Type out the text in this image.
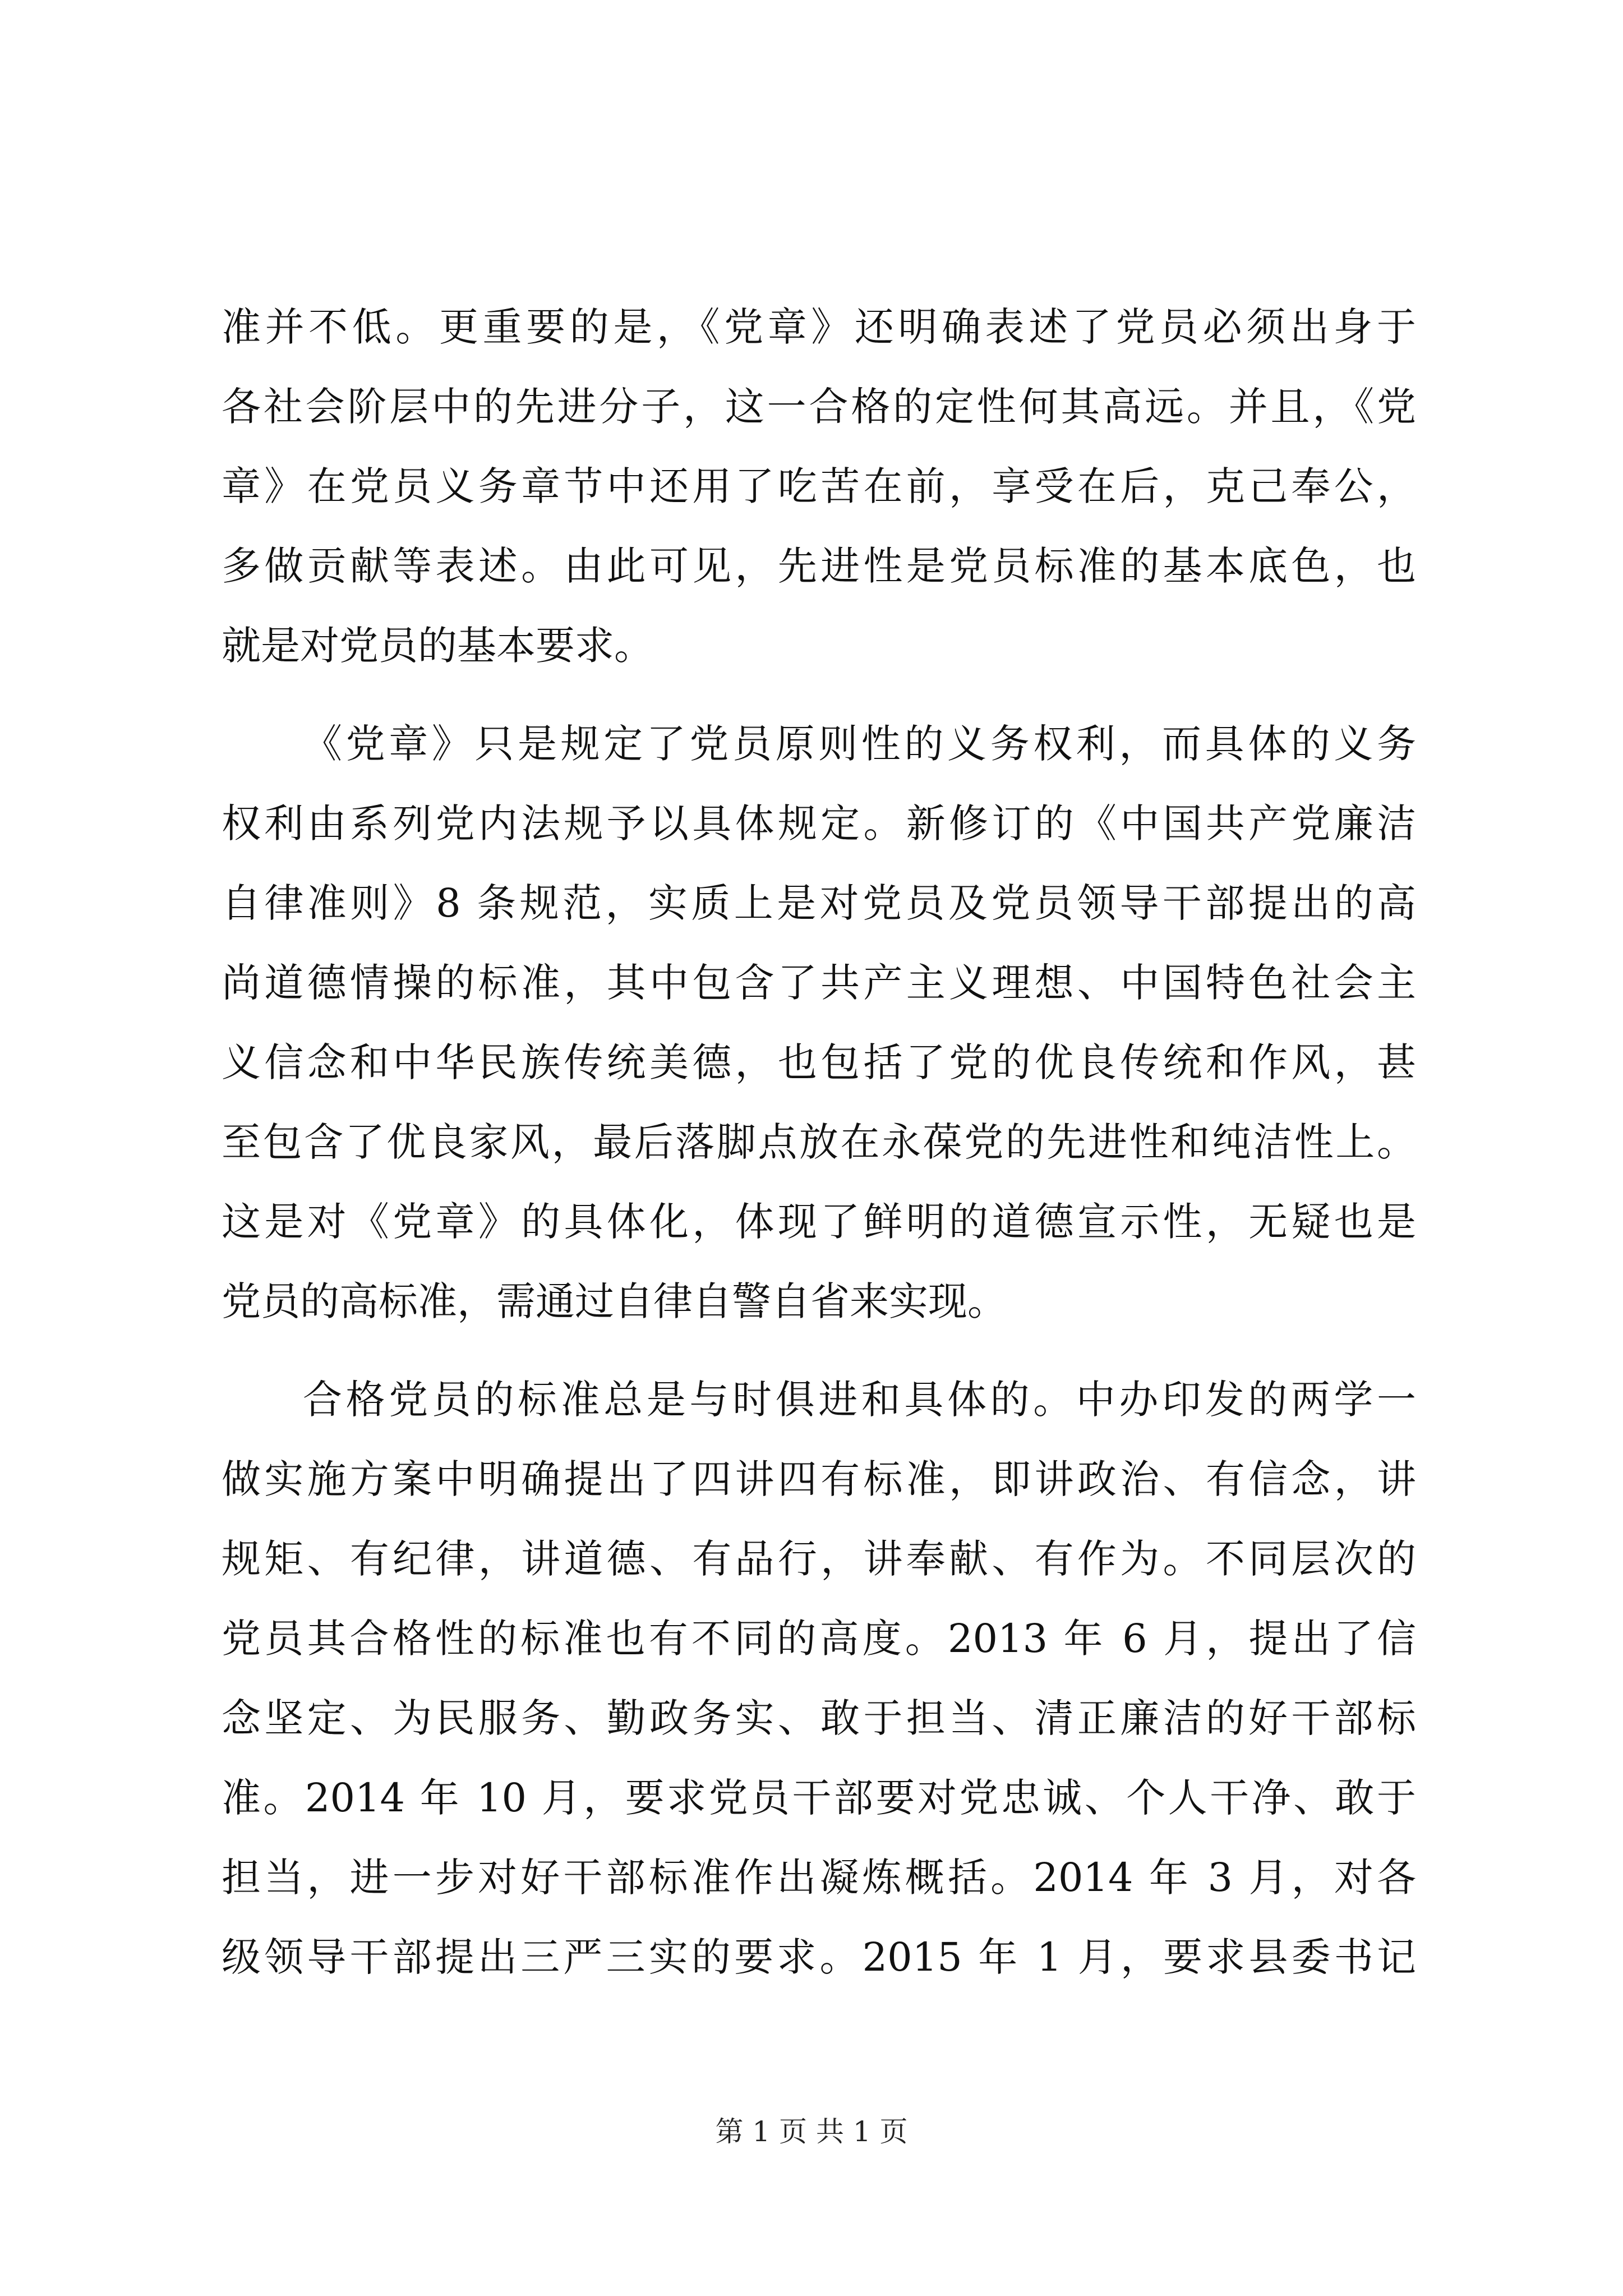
准并不低。更重要的是，《党章》还明确表述了党员必须出身于
各社会阶层中的先进分子，这一合格的定性何其高远。并且，《党
章》在党员义务章节中还用了吃苦在前，享受在后，克己奉公，
多做贡献等表述。由此可见，先进性是党员标准的基本底色，也
就是对党员的基本要求。
《党章》只是规定了党员原则性的义务权利，而具体的义务
权利由系列党内法规予以具体规定。新修订的《中国共产党廉洁
自律准则》8 条规范，实质上是对党员及党员领导干部提出的高
尚道德情操的标准，其中包含了共产主义理想、中国特色社会主
义信念和中华民族传统美德，也包括了党的优良传统和作风，甚
至包含了优良家风，最后落脚点放在永葆党的先进性和纯洁性上。
这是对《党章》的具体化，体现了鲜明的道德宣示性，无疑也是
党员的高标准，需通过自律自警自省来实现。
合格党员的标准总是与时俱进和具体的。中办印发的两学一
做实施方案中明确提出了四讲四有标准，即讲政治、有信念，讲
规矩、有纪律，讲道德、有品行，讲奉献、有作为。不同层次的
党员其合格性的标准也有不同的高度。2013 年 6 月，提出了信
念坚定、为民服务、勤政务实、敢于担当、清正廉洁的好干部标
准。2014 年 10 月，要求党员干部要对党忠诚、个人干净、敢于
担当，进一步对好干部标准作出凝炼概括。2014 年 3 月，对各
级领导干部提出三严三实的要求。2015 年 1 月，要求县委书记
第 1 页 共 1 页
